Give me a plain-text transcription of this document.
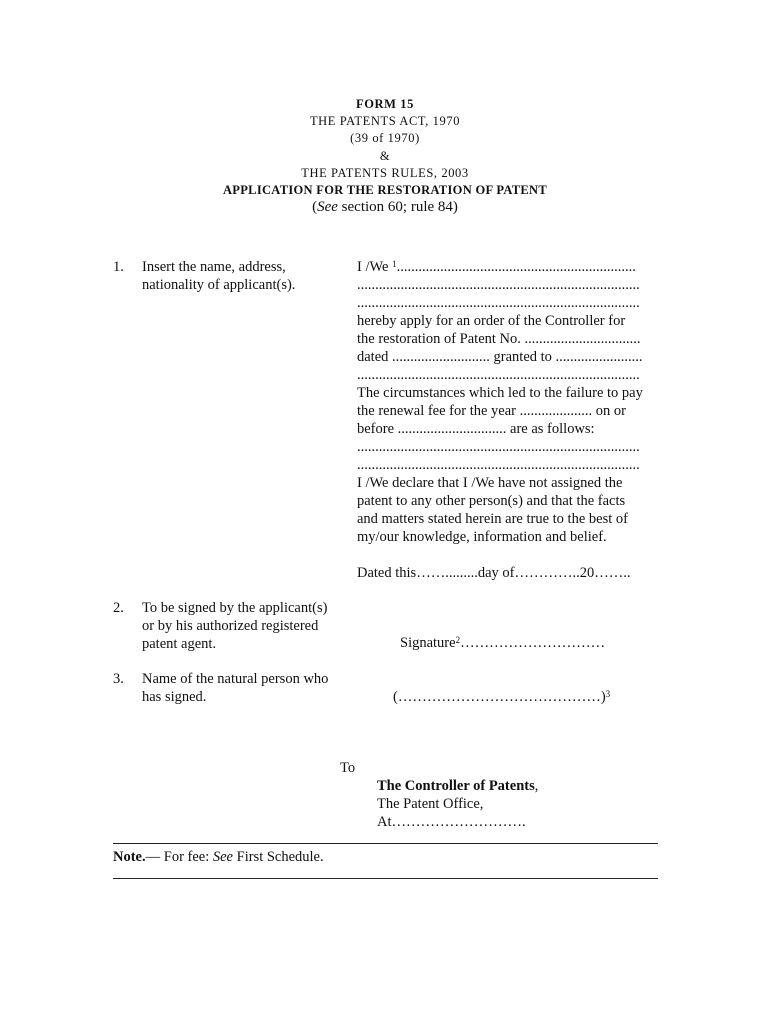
FORM 15
THE PATENTS ACT, 1970
(39 of 1970)
&
THE PATENTS RULES, 2003
APPLICATION FOR THE RESTORATION OF PATENT
(See section 60; rule 84)
1. Insert the name, address,
nationality of applicant(s).
I /We $^1$..................................................................
..............................................................................
..............................................................................
hereby apply for an order of the Controller for
the restoration of Patent No. ................................
dated ........................... granted to ........................
..............................................................................
The circumstances which led to the failure to pay
the renewal fee for the year .................... on or
before .............................. are as follows:
..............................................................................
..............................................................................
I /We declare that I /We have not assigned the
patent to any other person(s) and that the facts
and matters stated herein are true to the best of
my/our knowledge, information and belief.
Dated this…….........day of…………..20……..
2. To be signed by the applicant(s)
or by his authorized registered
patent agent.	Signature$^2$…………………………
3. Name of the natural person who
has signed.	(……………………………………)$^3$
To
The Controller of Patents,
The Patent Office,
At……………………….
Note.— For fee: See First Schedule.
